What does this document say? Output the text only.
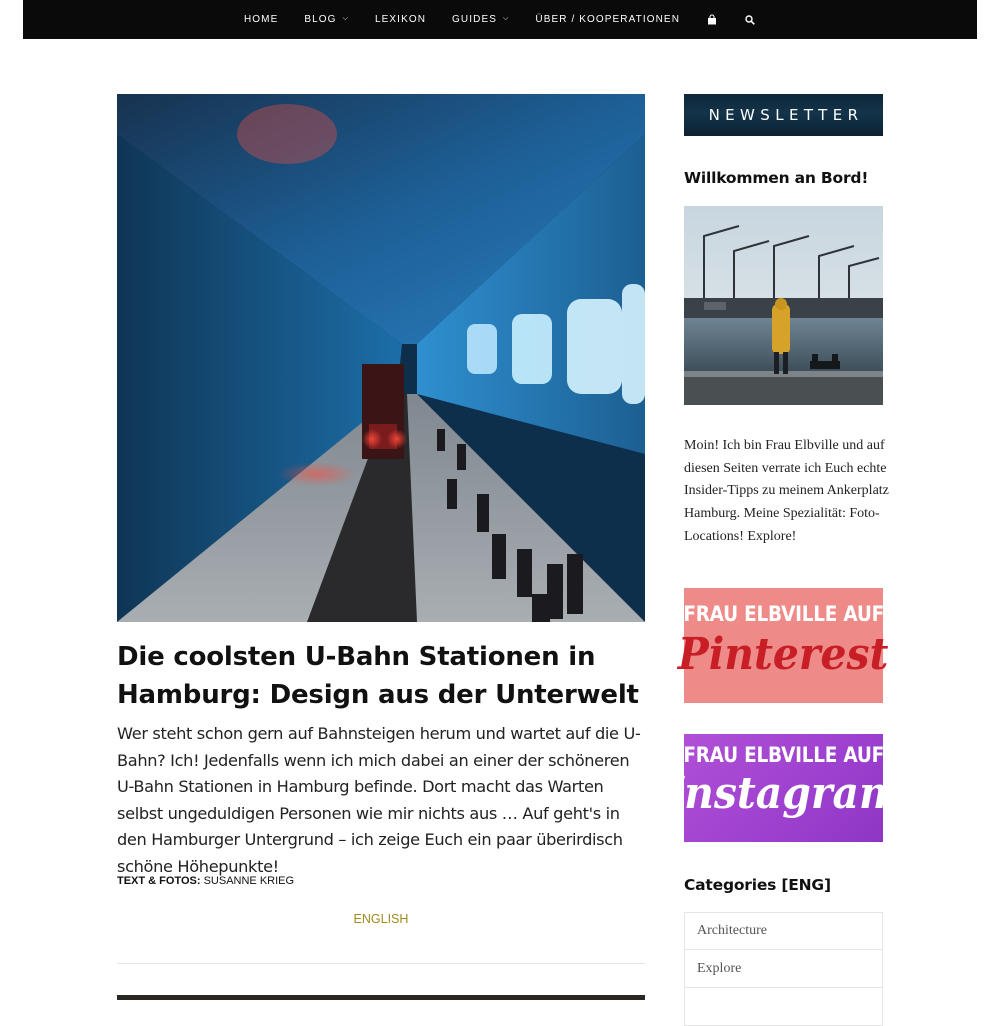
HOME	BLOG ⌵	LEXIKON	GUIDES ⌵	ÜBER / KOOPERATIONEN
Die coolsten U-Bahn Stationen in Hamburg: Design aus der Unterwelt

Wer steht schon gern auf Bahnsteigen herum und wartet auf die U-Bahn? Ich! Jedenfalls wenn ich mich dabei an einer der schöneren U-Bahn Stationen in Hamburg befinde. Dort macht das Warten selbst ungeduldigen Personen wie mir nichts aus … Auf geht's in den Hamburger Untergrund – ich zeige Euch ein paar überirdisch schöne Höhepunkte!

TEXT & FOTOS: SUSANNE KRIEG
ENGLISH
NEWSLETTER
Willkommen an Bord!

Moin! Ich bin Frau Elbville und auf diesen Seiten verrate ich Euch echte Insider-Tipps zu meinem Ankerplatz Hamburg. Meine Spezialität: Foto-Locations! Explore!

FRAU ELBVILLE AUF
Pinterest
FRAU ELBVILLE AUF
Instagram
Categories [ENG]
Architecture
Explore
